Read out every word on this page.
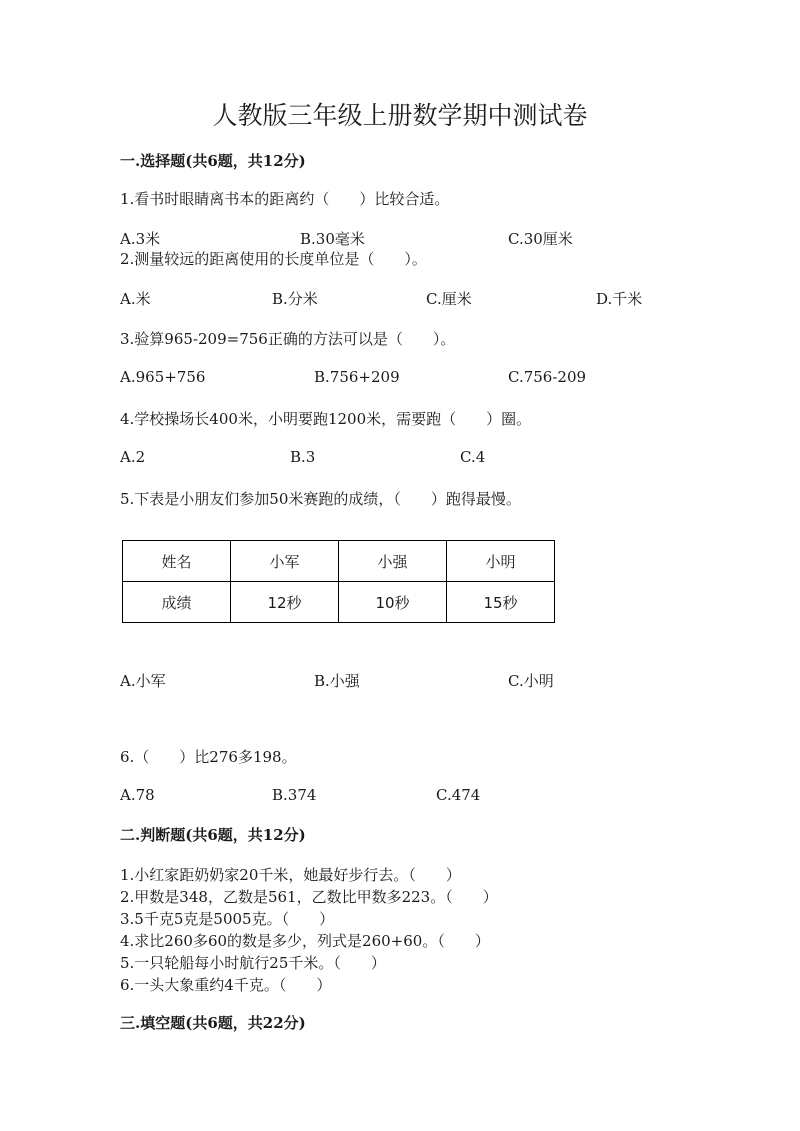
人教版三年级上册数学期中测试卷
一.选择题(共6题，共12分)
1.看书时眼睛离书本的距离约（　　）比较合适。
A.3米	B.30毫米	C.30厘米
2.测量较远的距离使用的长度单位是（　　）。
A.米	B.分米	C.厘米	D.千米
3.验算965-209=756正确的方法可以是（　　）。
A.965+756	B.756+209	C.756-209
4.学校操场长400米，小明要跑1200米，需要跑（　　）圈。
A.2	B.3	C.4
5.下表是小朋友们参加50米赛跑的成绩，（　　）跑得最慢。
姓名	小军	小强	小明
成绩	12秒	10秒	15秒
A.小军	B.小强	C.小明
6.（　　）比276多198。
A.78	B.374	C.474
二.判断题(共6题，共12分)
1.小红家距奶奶家20千米，她最好步行去。（　　）
2.甲数是348，乙数是561，乙数比甲数多223。（　　）
3.5千克5克是5005克。（　　）
4.求比260多60的数是多少，列式是260+60。（　　）
5.一只轮船每小时航行25千米。（　　）
6.一头大象重约4千克。（　　）
三.填空题(共6题，共22分)
